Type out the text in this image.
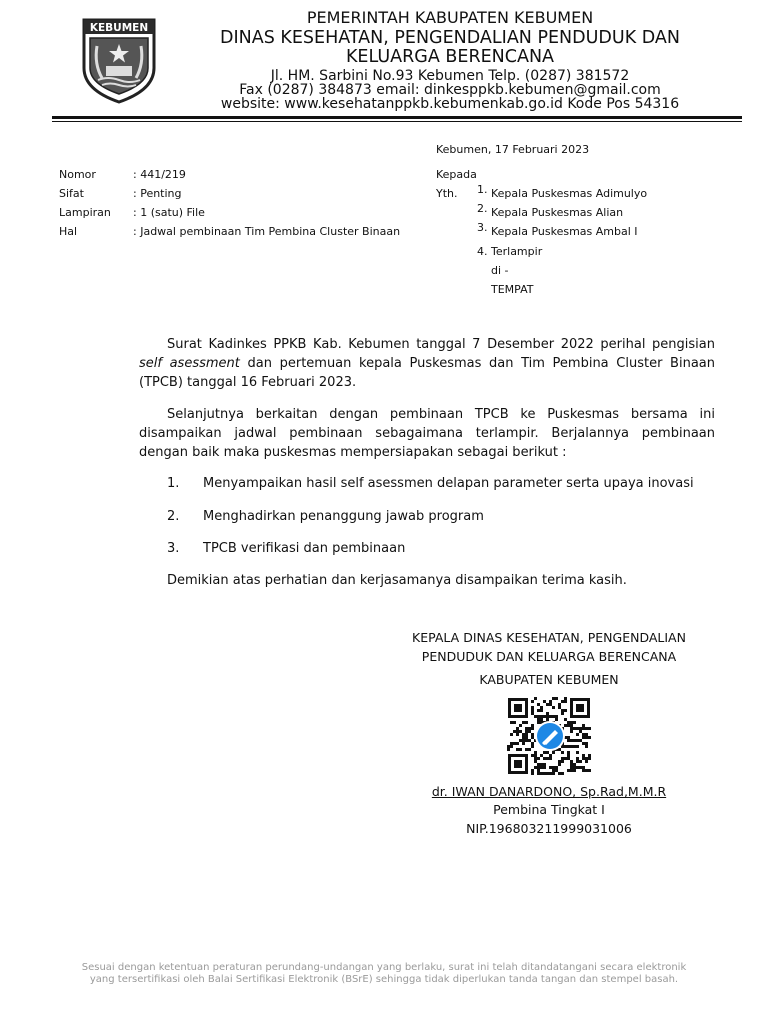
KEBUMEN
PEMERINTAH KABUPATEN KEBUMEN
DINAS KESEHATAN, PENGENDALIAN PENDUDUK DAN
KELUARGA BERENCANA
Jl. HM. Sarbini No.93 Kebumen Telp. (0287) 381572
Fax (0287) 384873 email: dinkesppkb.kebumen@gmail.com
website: www.kesehatanppkb.kebumenkab.go.id Kode Pos 54316
Kebumen, 17 Februari 2023
Nomor	: 441/219
Sifat	: Penting
Lampiran : 1 (satu) File
Hal	: Jadwal pembinaan Tim Pembina Cluster Binaan
Kepada
Yth. 1. Kepala Puskesmas Adimulyo
2. Kepala Puskesmas Alian
3. Kepala Puskesmas Ambal I
4. Terlampir
di -
TEMPAT
Surat Kadinkes PPKB Kab. Kebumen tanggal 7 Desember 2022 perihal pengisian self asessment dan pertemuan kepala Puskesmas dan Tim Pembina Cluster Binaan (TPCB) tanggal 16 Februari 2023.
Selanjutnya berkaitan dengan pembinaan TPCB ke Puskesmas bersama ini disampaikan jadwal pembinaan sebagaimana terlampir. Berjalannya pembinaan dengan baik maka puskesmas mempersiapakan sebagai berikut :
1. Menyampaikan hasil self asessmen delapan parameter serta upaya inovasi
2. Menghadirkan penanggung jawab program
3. TPCB verifikasi dan pembinaan
Demikian atas perhatian dan kerjasamanya disampaikan terima kasih.
KEPALA DINAS KESEHATAN, PENGENDALIAN
PENDUDUK DAN KELUARGA BERENCANA
KABUPATEN KEBUMEN
dr. IWAN DANARDONO, Sp.Rad,M.M.R
Pembina Tingkat I
NIP.196803211999031006
Sesuai dengan ketentuan peraturan perundang-undangan yang berlaku, surat ini telah ditandatangani secara elektronik
yang tersertifikasi oleh Balai Sertifikasi Elektronik (BSrE) sehingga tidak diperlukan tanda tangan dan stempel basah.
